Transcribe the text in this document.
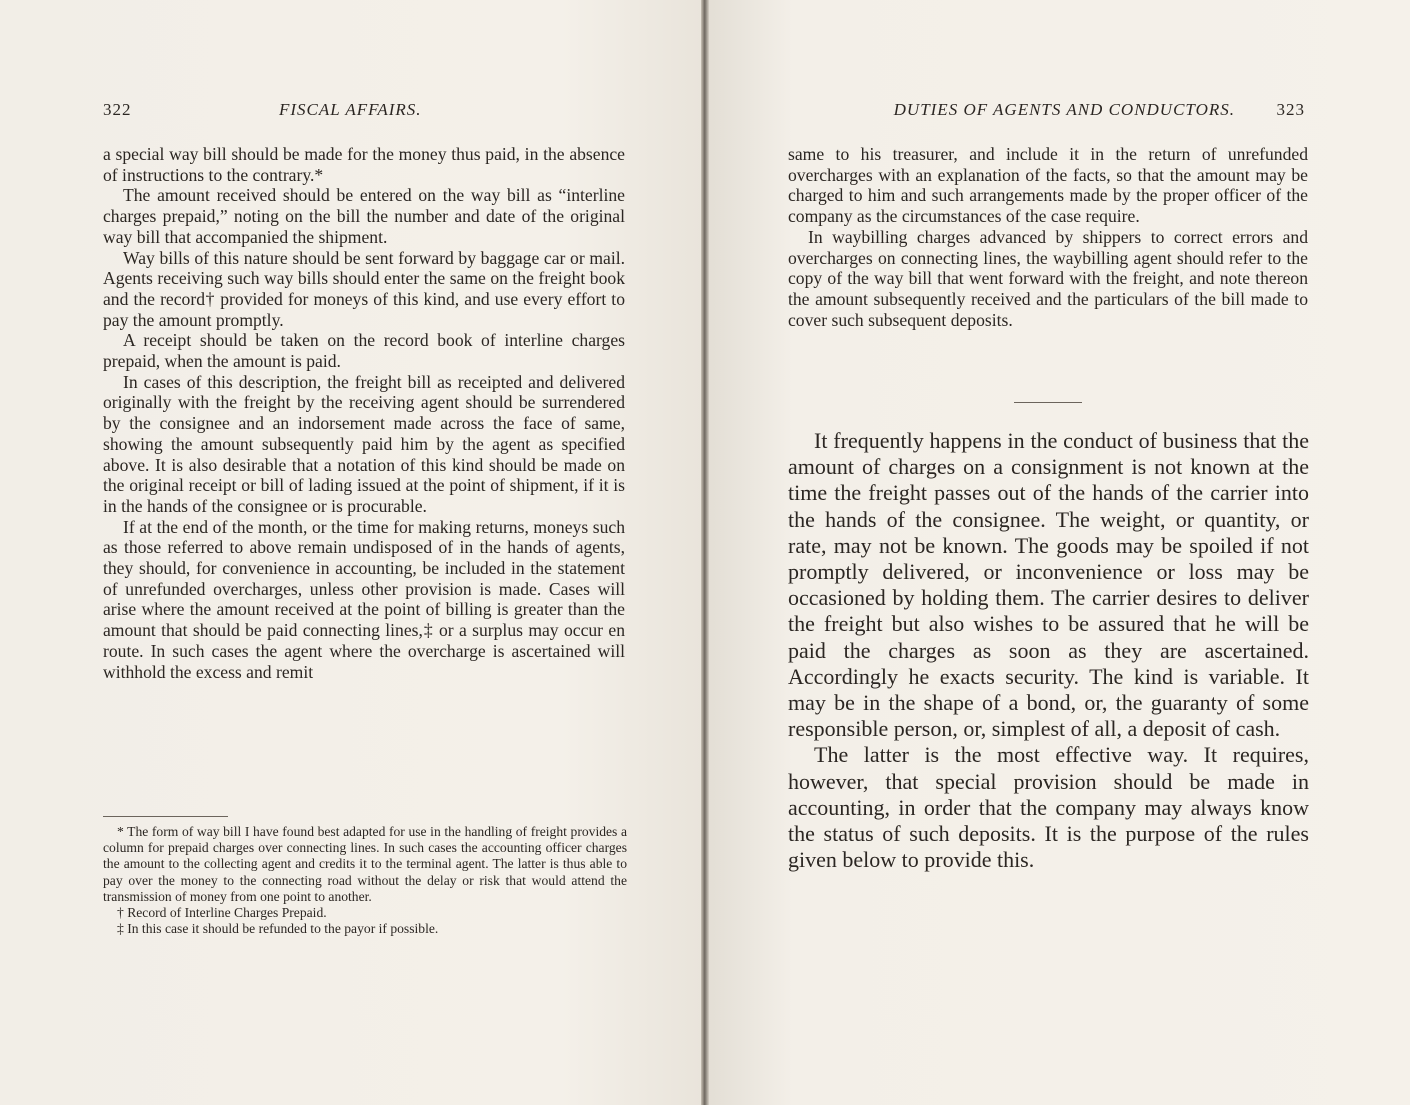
322	FISCAL AFFAIRS.

a special way bill should be made for the money thus paid, in the absence of instructions to the contrary.*

The amount received should be entered on the way bill as “interline charges prepaid,” noting on the bill the number and date of the original way bill that accompanied the shipment.

Way bills of this nature should be sent forward by baggage car or mail. Agents receiving such way bills should enter the same on the freight book and the record† provided for moneys of this kind, and use every effort to pay the amount promptly.

A receipt should be taken on the record book of interline charges prepaid, when the amount is paid.

In cases of this description, the freight bill as receipted and delivered originally with the freight by the receiving agent should be surrendered by the consignee and an indorsement made across the face of same, showing the amount subsequently paid him by the agent as specified above. It is also desirable that a notation of this kind should be made on the original receipt or bill of lading issued at the point of shipment, if it is in the hands of the consignee or is procurable.

If at the end of the month, or the time for making returns, moneys such as those referred to above remain undisposed of in the hands of agents, they should, for convenience in accounting, be included in the statement of unrefunded overcharges, unless other provision is made. Cases will arise where the amount received at the point of billing is greater than the amount that should be paid connecting lines,‡ or a surplus may occur en route. In such cases the agent where the overcharge is ascertained will withhold the excess and remit

* The form of way bill I have found best adapted for use in the handling of freight provides a column for prepaid charges over connecting lines. In such cases the accounting officer charges the amount to the collecting agent and credits it to the terminal agent. The latter is thus able to pay over the money to the connecting road without the delay or risk that would attend the transmission of money from one point to another.

† Record of Interline Charges Prepaid.

‡ In this case it should be refunded to the payor if possible.

DUTIES OF AGENTS AND CONDUCTORS. 323

same to his treasurer, and include it in the return of unrefunded overcharges with an explanation of the facts, so that the amount may be charged to him and such arrangements made by the proper officer of the company as the circumstances of the case require.

In waybilling charges advanced by shippers to correct errors and overcharges on connecting lines, the waybilling agent should refer to the copy of the way bill that went forward with the freight, and note thereon the amount subsequently received and the particulars of the bill made to cover such subsequent deposits.

It frequently happens in the conduct of business that the amount of charges on a consignment is not known at the time the freight passes out of the hands of the carrier into the hands of the consignee. The weight, or quantity, or rate, may not be known. The goods may be spoiled if not promptly delivered, or inconvenience or loss may be occasioned by holding them. The carrier desires to deliver the freight but also wishes to be assured that he will be paid the charges as soon as they are ascertained. Accordingly he exacts security. The kind is variable. It may be in the shape of a bond, or, the guaranty of some responsible person, or, simplest of all, a deposit of cash.

The latter is the most effective way. It requires, however, that special provision should be made in accounting, in order that the company may always know the status of such deposits. It is the purpose of the rules given below to provide this.
